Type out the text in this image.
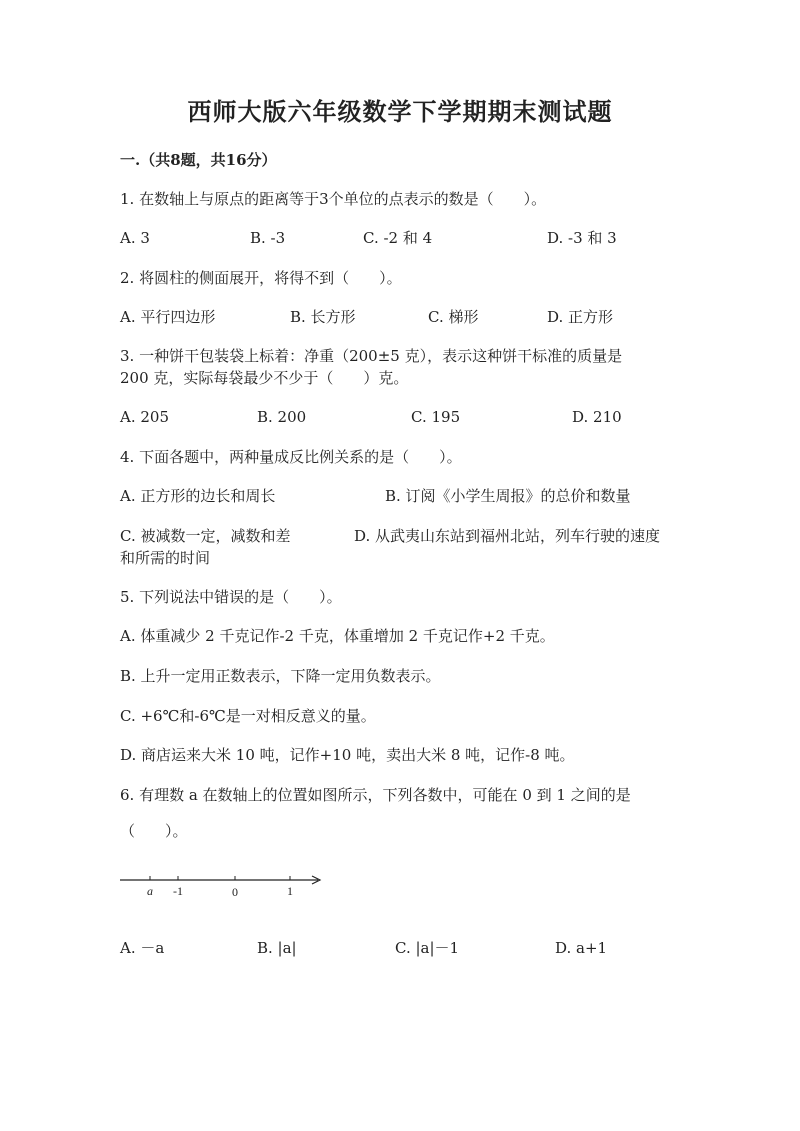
西师大版六年级数学下学期期末测试题
一.（共8题，共16分）
1. 在数轴上与原点的距离等于3个单位的点表示的数是（　　）。
A. 3	B. -3	C. -2 和 4	D. -3 和 3
2. 将圆柱的侧面展开，将得不到（　　）。
A. 平行四边形	B. 长方形	C. 梯形	D. 正方形
3. 一种饼干包装袋上标着：净重（200±5 克），表示这种饼干标准的质量是
200 克，实际每袋最少不少于（　　）克。
A. 205	B. 200	C. 195	D. 210
4. 下面各题中，两种量成反比例关系的是（　　）。
A. 正方形的边长和周长	B. 订阅《小学生周报》的总价和数量
C. 被减数一定，减数和差	D. 从武夷山东站到福州北站，列车行驶的速度
和所需的时间
5. 下列说法中错误的是（　　）。
A. 体重减少 2 千克记作-2 千克，体重增加 2 千克记作+2 千克。
B. 上升一定用正数表示，下降一定用负数表示。
C. +6℃和-6℃是一对相反意义的量。
D. 商店运来大米 10 吨，记作+10 吨，卖出大米 8 吨，记作-8 吨。
6. 有理数 a 在数轴上的位置如图所示，下列各数中，可能在 0 到 1 之间的是
（　　）。
a -1	0	1
A. －a	B. |a|	C. |a|－1	D. a+1
